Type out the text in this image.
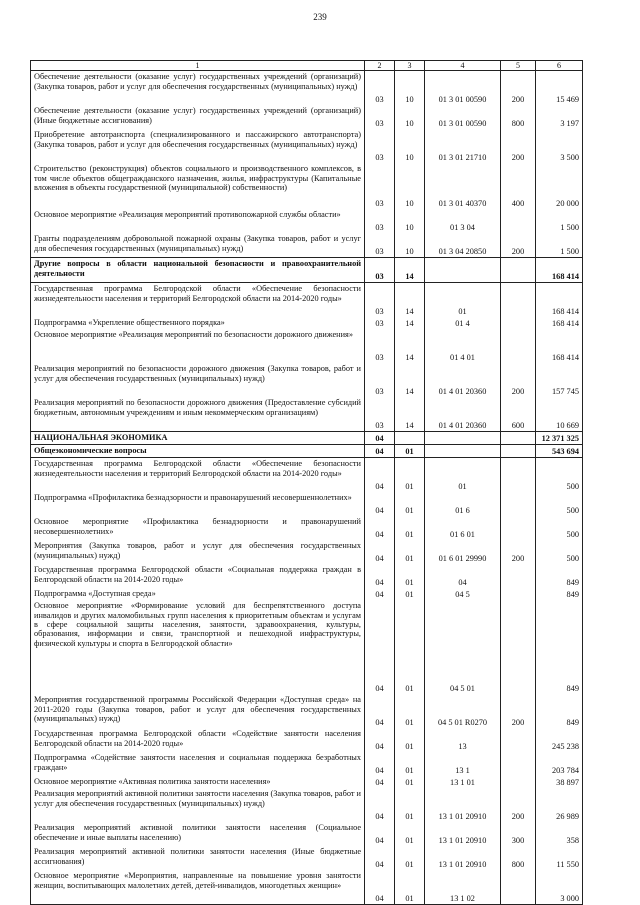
239
1	2	3	4	5	6
Обеспечение деятельности (оказание услуг) государственных учреждений (организаций) (Закупка товаров, работ и услуг для обеспечения государственных (муниципальных) нужд)	03	10	01 3 01 00590	200	15 469
Обеспечение деятельности (оказание услуг) государственных учреждений (организаций) (Иные бюджетные ассигнования)	03	10	01 3 01 00590	800	3 197
Приобретение автотранспорта (специализированного и пассажирского автотранспорта) (Закупка товаров, работ и услуг для обеспечения государственных (муниципальных) нужд)	03	10	01 3 01 21710	200	3 500
Строительство (реконструкция) объектов социального и производственного комплексов, в том числе объектов общегражданского назначения, жилья, инфраструктуры (Капитальные вложения в объекты государственной (муниципальной) собственности)	03	10	01 3 01 40370	400	20 000
Основное мероприятие «Реализация мероприятий противопожарной службы области»	03	10	01 3 04		1 500
Гранты подразделениям добровольной пожарной охраны (Закупка товаров, работ и услуг для обеспечения государственных (муниципальных) нужд)	03	10	01 3 04 20850	200	1 500
Другие вопросы в области национальной безопасности и правоохранительной деятельности	03	14			168 414
Государственная программа Белгородской области «Обеспечение безопасности жизнедеятельности населения и территорий Белгородской области на 2014-2020 годы»	03	14	01		168 414
Подпрограмма «Укрепление общественного порядка»	03	14	01 4		168 414
Основное мероприятие «Реализация мероприятий по безопасности дорожного движения»	03	14	01 4 01		168 414
Реализация мероприятий по безопасности дорожного движения (Закупка товаров, работ и услуг для обеспечения государственных (муниципальных) нужд)	03	14	01 4 01 20360	200	157 745
Реализация мероприятий по безопасности дорожного движения (Предоставление субсидий бюджетным, автономным учреждениям и иным некоммерческим организациям)	03	14	01 4 01 20360	600	10 669
НАЦИОНАЛЬНАЯ ЭКОНОМИКА	04				12 371 325
Общеэкономические вопросы	04	01			543 694
Государственная программа Белгородской области «Обеспечение безопасности жизнедеятельности населения и территорий Белгородской области на 2014-2020 годы»	04	01	01		500
Подпрограмма «Профилактика безнадзорности и правонарушений несовершеннолетних»	04	01	01 6		500
Основное мероприятие «Профилактика безнадзорности и правонарушений несовершеннолетних»	04	01	01 6 01		500
Мероприятия (Закупка товаров, работ и услуг для обеспечения государственных (муниципальных) нужд)	04	01	01 6 01 29990	200	500
Государственная программа Белгородской области «Социальная поддержка граждан в Белгородской области на 2014-2020 годы»	04	01	04		849
Подпрограмма «Доступная среда»	04	01	04 5		849
Основное мероприятие «Формирование условий для беспрепятственного доступа инвалидов и других маломобильных групп населения к приоритетным объектам и услугам в сфере социальной защиты населения, занятости, здравоохранения, культуры, образования, информации и связи, транспортной и пешеходной инфраструктуры, физической культуры и спорта в Белгородской области»	04	01	04 5 01		849
Мероприятия государственной программы Российской Федерации «Доступная среда» на 2011-2020 годы (Закупка товаров, работ и услуг для обеспечения государственных (муниципальных) нужд)	04	01	04 5 01 R0270	200	849
Государственная программа Белгородской области «Содействие занятости населения Белгородской области на 2014-2020 годы»	04	01	13		245 238
Подпрограмма «Содействие занятости населения и социальная поддержка безработных граждан»	04	01	13 1		203 784
Основное мероприятие «Активная политика занятости населения»	04	01	13 1 01		38 897
Реализация мероприятий активной политики занятости населения (Закупка товаров, работ и услуг для обеспечения государственных (муниципальных) нужд)	04	01	13 1 01 20910	200	26 989
Реализация мероприятий активной политики занятости населения (Социальное обеспечение и иные выплаты населению)	04	01	13 1 01 20910	300	358
Реализация мероприятий активной политики занятости населения (Иные бюджетные ассигнования)	04	01	13 1 01 20910	800	11 550
Основное мероприятие «Мероприятия, направленные на повышение уровня занятости женщин, воспитывающих малолетних детей, детей-инвалидов, многодетных женщин»	04	01	13 1 02		3 000
